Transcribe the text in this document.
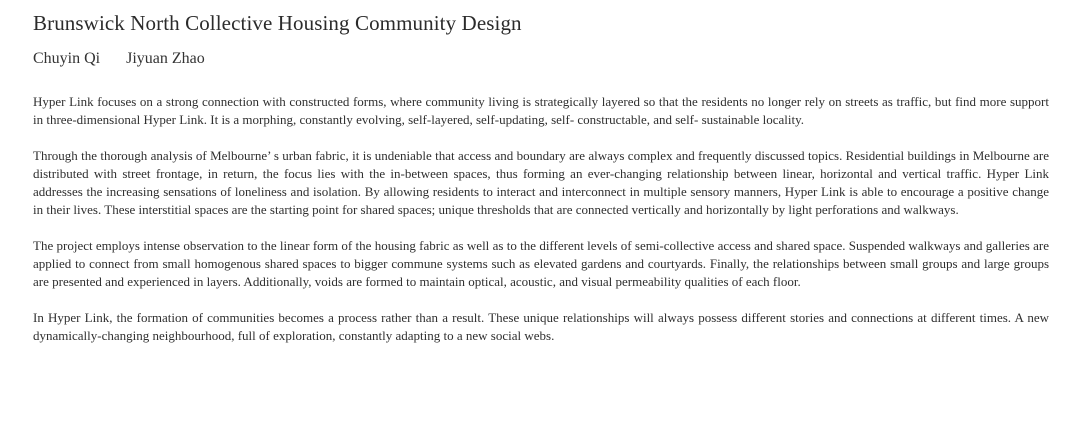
Brunswick North Collective Housing Community Design
Chuyin Qi Jiyuan Zhao

Hyper Link focuses on a strong connection with constructed forms, where community living is strategically layered so that the residents no longer rely on streets as traffic, but find more support in three-dimensional Hyper Link. It is a morphing, constantly evolving, self-layered, self-updating, self- constructable, and self- sustainable locality.

Through the thorough analysis of Melbourne’ s urban fabric, it is undeniable that access and boundary are always complex and frequently discussed topics. Residential buildings in Melbourne are distributed with street frontage, in return, the focus lies with the in-between spaces, thus forming an ever-changing relationship between linear, horizontal and vertical traffic. Hyper Link addresses the increasing sensations of loneliness and isolation. By allowing residents to interact and interconnect in multiple sensory manners, Hyper Link is able to encourage a positive change in their lives. These interstitial spaces are the starting point for shared spaces; unique thresholds that are connected vertically and horizontally by light perforations and walkways.

The project employs intense observation to the linear form of the housing fabric as well as to the different levels of semi-collective access and shared space. Suspended walkways and galleries are applied to connect from small homogenous shared spaces to bigger commune systems such as elevated gardens and courtyards. Finally, the relationships between small groups and large groups are presented and experienced in layers. Additionally, voids are formed to maintain optical, acoustic, and visual permeability qualities of each floor.

In Hyper Link, the formation of communities becomes a process rather than a result. These unique relationships will always possess different stories and connections at different times. A new dynamically-changing neighbourhood, full of exploration, constantly adapting to a new social webs.
